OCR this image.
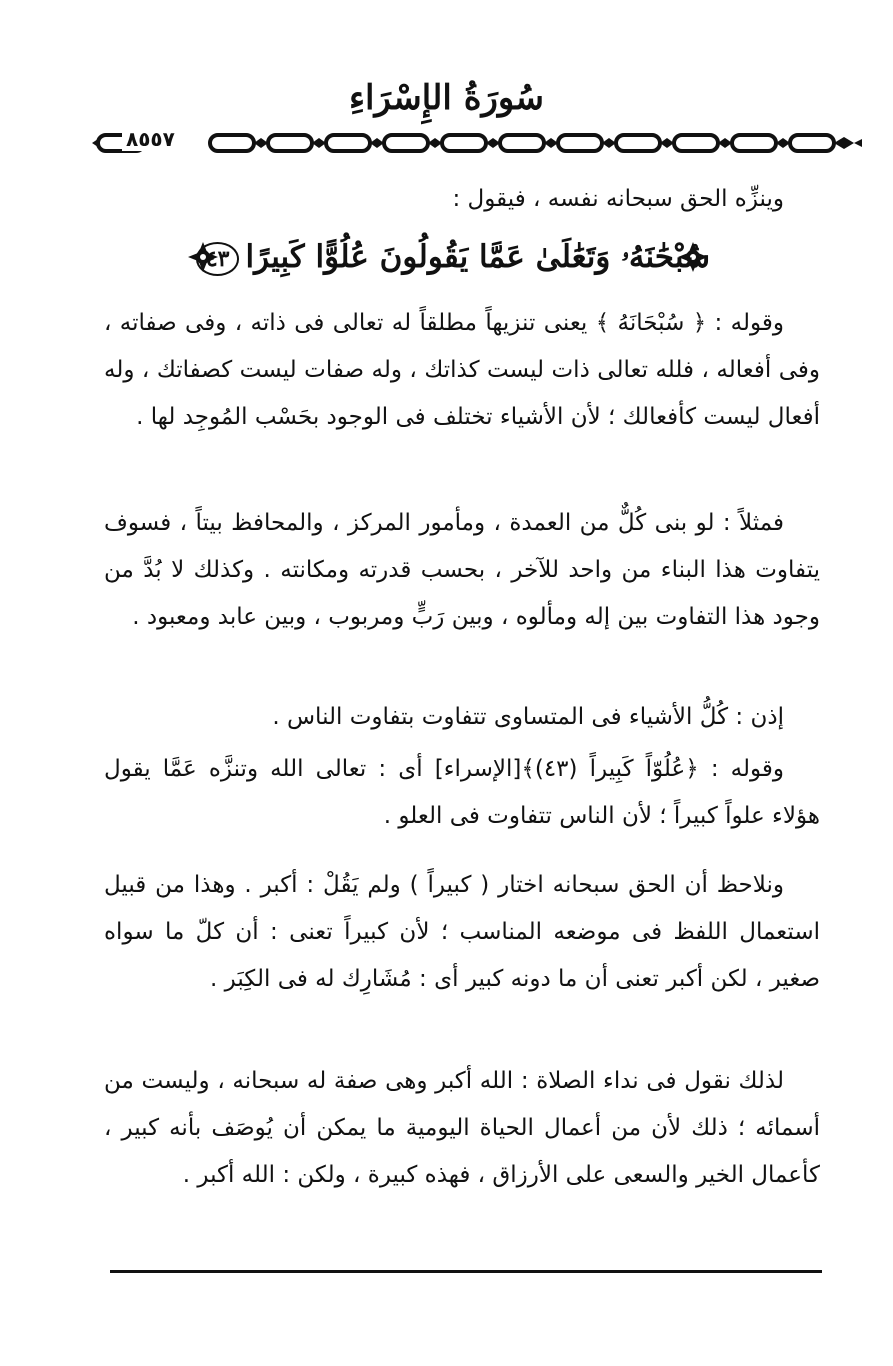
سُورَةُ الإِسْرَاءِ
٨٥٥٧
وينزِّه الحق سبحانه نفسه ، فيقول :
سُبْحَٰنَهُۥ وَتَعَٰلَىٰ عَمَّا يَقُولُونَ عُلُوًّا كَبِيرًا٤٣
وقوله : ﴿ سُبْحَانَهُ ﴾ يعنى تنزيهاً مطلقاً له تعالى فى ذاته ، وفى صفاته ، وفى أفعاله ، فلله تعالى ذات ليست كذاتك ، وله صفات ليست كصفاتك ، وله أفعال ليست كأفعالك ؛ لأن الأشياء تختلف فى الوجود بحَسْب المُوجِد لها .
فمثلاً : لو بنى كُلٌّ من العمدة ، ومأمور المركز ، والمحافظ بيتاً ، فسوف يتفاوت هذا البناء من واحد للآخر ، بحسب قدرته ومكانته . وكذلك لا بُدَّ من وجود هذا التفاوت بين إله ومألوه ، وبين رَبٍّ ومربوب ، وبين عابد ومعبود .
إذن : كُلُّ الأشياء فى المتساوى تتفاوت بتفاوت الناس .
وقوله : ﴿عُلُوّاً كَبِيراً (٤٣)﴾[الإسراء] أى : تعالى الله وتنزَّه عَمَّا يقول هؤلاء علواً كبيراً ؛ لأن الناس تتفاوت فى العلو .
ونلاحظ أن الحق سبحانه اختار ( كبيراً ) ولم يَقُلْ : أكبر . وهذا من قبيل استعمال اللفظ فى موضعه المناسب ؛ لأن كبيراً تعنى : أن كلّ ما سواه صغير ، لكن أكبر تعنى أن ما دونه كبير أى : مُشَارِك له فى الكِبَر .
لذلك نقول فى نداء الصلاة : الله أكبر وهى صفة له سبحانه ، وليست من أسمائه ؛ ذلك لأن من أعمال الحياة اليومية ما يمكن أن يُوصَف بأنه كبير ، كأعمال الخير والسعى على الأرزاق ، فهذه كبيرة ، ولكن : الله أكبر .
